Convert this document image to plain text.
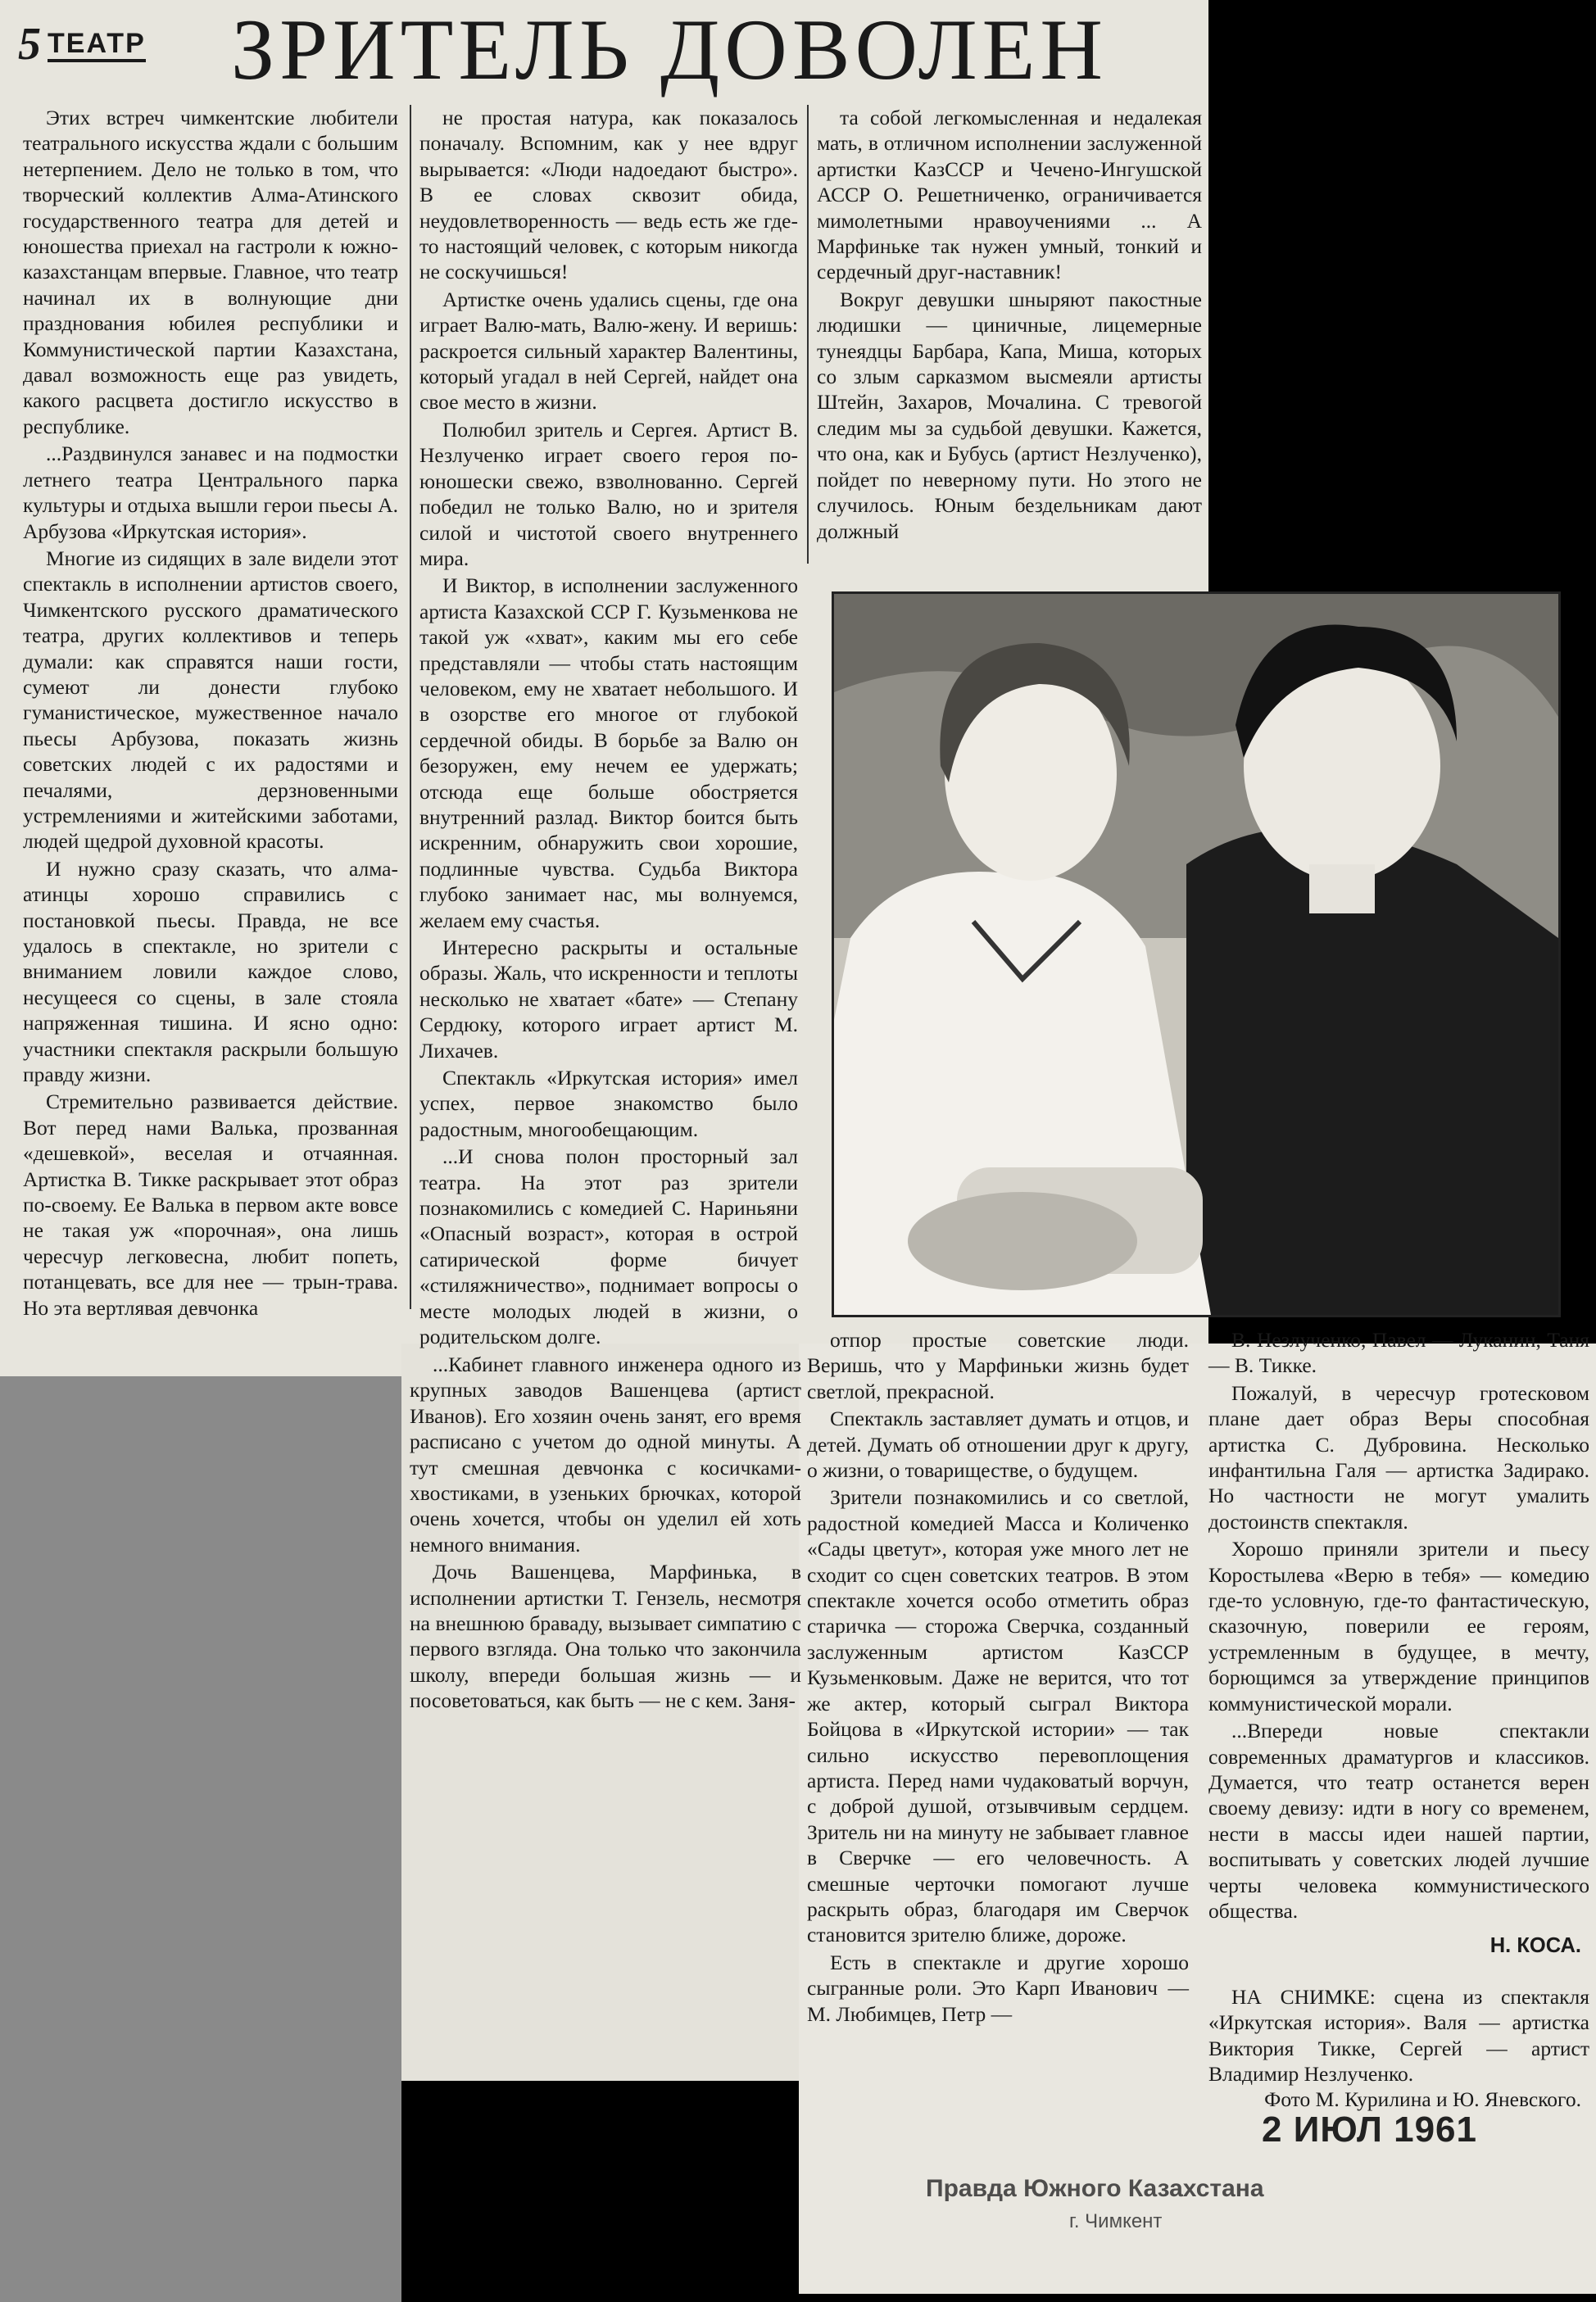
5 ТЕАТР ЗРИТЕЛЬ ДОВОЛЕН

Этих встреч чимкентские любители театрального искусства ждали с большим нетерпением. Дело не только в том, что творческий коллектив Алма-Атинского государственного театра для детей и юношества приехал на гастроли к южно-казахстанцам впервые. Главное, что театр начинал их в волнующие дни празднования юбилея республики и Коммунистической партии Казахстана, давал возможность еще раз увидеть, какого расцвета достигло искусство в республике.

...Раздвинулся занавес и на подмостки летнего театра Центрального парка культуры и отдыха вышли герои пьесы А. Арбузова «Иркутская история».

Многие из сидящих в зале видели этот спектакль в исполнении артистов своего, Чимкентского русского драматического театра, других коллективов и теперь думали: как справятся наши гости, сумеют ли донести глубоко гуманистическое, мужественное начало пьесы Арбузова, показать жизнь советских людей с их радостями и печалями, дерзновенными устремлениями и житейскими заботами, людей щедрой духовной красоты.

И нужно сразу сказать, что алма-атинцы хорошо справились с постановкой пьесы. Правда, не все удалось в спектакле, но зрители с вниманием ловили каждое слово, несущееся со сцены, в зале стояла напряженная тишина. И ясно одно: участники спектакля раскрыли большую правду жизни.

Стремительно развивается действие. Вот перед нами Валька, прозванная «дешевкой», веселая и отчаянная. Артистка В. Тикке раскрывает этот образ по-своему. Ее Валька в первом акте вовсе не такая уж «порочная», она лишь чересчур легковесна, любит попеть, потанцевать, все для нее — трын-трава. Но эта вертлявая девчонка

не простая натура, как показалось поначалу. Вспомним, как у нее вдруг вырывается: «Люди надоедают быстро». В ее словах сквозит обида, неудовлетворенность — ведь есть же где-то настоящий человек, с которым никогда не соскучишься!

Артистке очень удались сцены, где она играет Валю-мать, Валю-жену. И веришь: раскроется сильный характер Валентины, который угадал в ней Сергей, найдет она свое место в жизни.

Полюбил зритель и Сергея. Артист В. Незлученко играет своего героя по-юношески свежо, взволнованно. Сергей победил не только Валю, но и зрителя силой и чистотой своего внутреннего мира.

И Виктор, в исполнении заслуженного артиста Казахской ССР Г. Кузьменкова не такой уж «хват», каким мы его себе представляли — чтобы стать настоящим человеком, ему не хватает небольшого. И в озорстве его многое от глубокой сердечной обиды. В борьбе за Валю он безоружен, ему нечем ее удержать; отсюда еще больше обостряется внутренний разлад. Виктор боится быть искренним, обнаружить свои хорошие, подлинные чувства. Судьба Виктора глубоко занимает нас, мы волнуемся, желаем ему счастья.

Интересно раскрыты и остальные образы. Жаль, что искренности и теплоты несколько не хватает «бате» — Степану Сердюку, которого играет артист М. Лихачев.

Спектакль «Иркутская история» имел успех, первое знакомство было радостным, многообещающим.

...И снова полон просторный зал театра. На этот раз зрители познакомились с комедией С. Нариньяни «Опасный возраст», которая в острой сатирической форме бичует «стиляжничество», поднимает вопросы о месте молодых людей в жизни, о родительском долге.

та собой легкомысленная и недалекая мать, в отличном исполнении заслуженной артистки КазССР и Чечено-Ингушской АССР О. Решетниченко, ограничивается мимолетными нравоучениями ... А Марфиньке так нужен умный, тонкий и сердечный друг-наставник!

Вокруг девушки шныряют пакостные людишки — циничные, лицемерные тунеядцы Барбара, Капа, Миша, которых со злым сарказмом высмеяли артисты Штейн, Захаров, Мочалина. С тревогой следим мы за судьбой девушки. Кажется, что она, как и Бубусь (артист Незлученко), пойдет по неверному пути. Но этого не случилось. Юным бездельникам дают должный

...Кабинет главного инженера одного из крупных заводов Вашенцева (артист Иванов). Его хозяин очень занят, его время расписано с учетом до одной минуты. А тут смешная девчонка с косичками-хвостиками, в узеньких брючках, которой очень хочется, чтобы он уделил ей хоть немного внимания.

Дочь Вашенцева, Марфинька, в исполнении артистки Т. Гензель, несмотря на внешнюю браваду, вызывает симпатию с первого взгляда. Она только что закончила школу, впереди большая жизнь — и посоветоваться, как быть — не с кем. Заня-

отпор простые советские люди. Веришь, что у Марфиньки жизнь будет светлой, прекрасной.

Спектакль заставляет думать и отцов, и детей. Думать об отношении друг к другу, о жизни, о товариществе, о будущем.

Зрители познакомились и со светлой, радостной комедией Масса и Количенко «Сады цветут», которая уже много лет не сходит со сцен советских театров. В этом спектакле хочется особо отметить образ старичка — сторожа Сверчка, созданный заслуженным артистом КазССР Кузьменковым. Даже не верится, что тот же актер, который сыграл Виктора Бойцова в «Иркутской истории» — так сильно искусство перевоплощения артиста. Перед нами чудаковатый ворчун, с доброй душой, отзывчивым сердцем. Зритель ни на минуту не забывает главное в Сверчке — его человечность. А смешные черточки помогают лучше раскрыть образ, благодаря им Сверчок становится зрителю ближе, дороже.

Есть в спектакле и другие хорошо сыгранные роли. Это Карп Иванович — М. Любимцев, Петр —

В. Незлученко, Павел — Луканин, Таня — В. Тикке.

Пожалуй, в чересчур гротесковом плане дает образ Веры способная артистка С. Дубровина. Несколько инфантильна Галя — артистка Задирако. Но частности не могут умалить достоинств спектакля.

Хорошо приняли зрители и пьесу Коростылева «Верю в тебя» — комедию где-то условную, где-то фантастическую, сказочную, поверили ее героям, устремленным в будущее, в мечту, борющимся за утверждение принципов коммунистической морали.

...Впереди новые спектакли современных драматургов и классиков. Думается, что театр останется верен своему девизу: идти в ногу со временем, нести в массы идеи нашей партии, воспитывать у советских людей лучшие черты человека коммунистического общества.

Н. КОСА.

НА СНИМКЕ: сцена из спектакля «Иркутская история». Валя — артистка Виктория Тикке, Сергей — артист Владимир Незлученко.

Фото М. Курилина и Ю. Яневского.

2 ИЮЛ 1961
Правда Южного Казахстана
г. Чимкент
